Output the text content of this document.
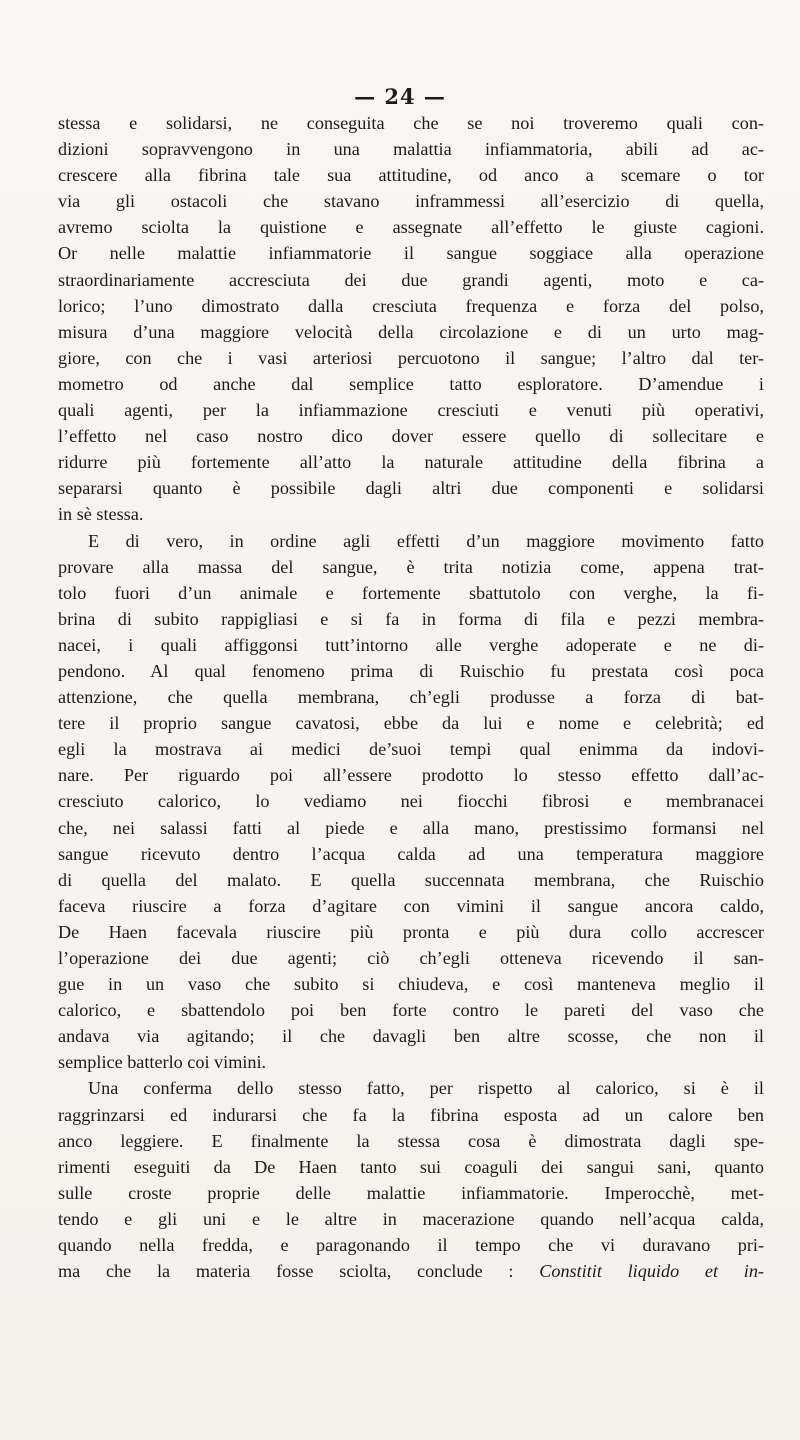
— 24 —
stessa e solidarsi, ne conseguita che se noi troveremo quali con-
dizioni sopravvengono in una malattia infiammatoria, abili ad ac-
crescere alla fibrina tale sua attitudine, od anco a scemare o tor
via gli ostacoli che stavano inframmessi all’esercizio di quella,
avremo sciolta la quistione e assegnate all’effetto le giuste cagioni.
Or nelle malattie infiammatorie il sangue soggiace alla operazione
straordinariamente accresciuta dei due grandi agenti, moto e ca-
lorico; l’uno dimostrato dalla cresciuta frequenza e forza del polso,
misura d’una maggiore velocità della circolazione e di un urto mag-
giore, con che i vasi arteriosi percuotono il sangue; l’altro dal ter-
mometro od anche dal semplice tatto esploratore. D’amendue i
quali agenti, per la infiammazione cresciuti e venuti più operativi,
l’effetto nel caso nostro dico dover essere quello di sollecitare e
ridurre più fortemente all’atto la naturale attitudine della fibrina a
separarsi quanto è possibile dagli altri due componenti e solidarsi
in sè stessa.
E di vero, in ordine agli effetti d’un maggiore movimento fatto
provare alla massa del sangue, è trita notizia come, appena trat-
tolo fuori d’un animale e fortemente sbattutolo con verghe, la fi-
brina di subito rappigliasi e si fa in forma di fila e pezzi membra-
nacei, i quali affiggonsi tutt’intorno alle verghe adoperate e ne di-
pendono. Al qual fenomeno prima di Ruischio fu prestata così poca
attenzione, che quella membrana, ch’egli produsse a forza di bat-
tere il proprio sangue cavatosi, ebbe da lui e nome e celebrità; ed
egli la mostrava ai medici de’suoi tempi qual enimma da indovi-
nare. Per riguardo poi all’essere prodotto lo stesso effetto dall’ac-
cresciuto calorico, lo vediamo nei fiocchi fibrosi e membranacei
che, nei salassi fatti al piede e alla mano, prestissimo formansi nel
sangue ricevuto dentro l’acqua calda ad una temperatura maggiore
di quella del malato. E quella succennata membrana, che Ruischio
faceva riuscire a forza d’agitare con vimini il sangue ancora caldo,
De Haen facevala riuscire più pronta e più dura collo accrescer
l’operazione dei due agenti; ciò ch’egli otteneva ricevendo il san-
gue in un vaso che subito si chiudeva, e così manteneva meglio il
calorico, e sbattendolo poi ben forte contro le pareti del vaso che
andava via agitando; il che davagli ben altre scosse, che non il
semplice batterlo coi vimini.
Una conferma dello stesso fatto, per rispetto al calorico, si è il
raggrinzarsi ed indurarsi che fa la fibrina esposta ad un calore ben
anco leggiere. E finalmente la stessa cosa è dimostrata dagli spe-
rimenti eseguiti da De Haen tanto sui coaguli dei sangui sani, quanto
sulle croste proprie delle malattie infiammatorie. Imperocchè, met-
tendo e gli uni e le altre in macerazione quando nell’acqua calda,
quando nella fredda, e paragonando il tempo che vi duravano pri-
ma che la materia fosse sciolta, conclude : Constitit liquido et in-
